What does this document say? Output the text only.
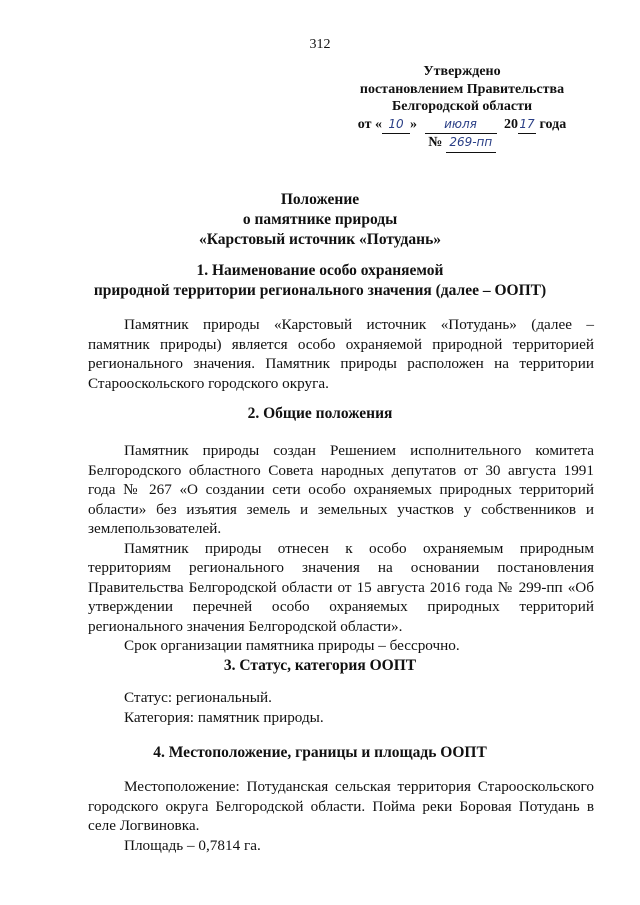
312
Утверждено
постановлением Правительства
Белгородской области
от « 10 » июля 2017 года
№ 269-пп
Положение
о памятнике природы
«Карстовый источник «Потудань»
1. Наименование особо охраняемой
природной территории регионального значения (далее – ООПТ)

Памятник природы «Карстовый источник «Потудань» (далее – памятник природы) является особо охраняемой природной территорией регионального значения. Памятник природы расположен на территории Старооскольского городского округа.

2. Общие положения

Памятник природы создан Решением исполнительного комитета Белгородского областного Совета народных депутатов от 30 августа 1991 года № 267 «О создании сети особо охраняемых природных территорий области» без изъятия земель и земельных участков у собственников и землепользователей.

Памятник природы отнесен к особо охраняемым природным территориям регионального значения на основании постановления Правительства Белгородской области от 15 августа 2016 года № 299-пп «Об утверждении перечней особо охраняемых природных территорий регионального значения Белгородской области».

Срок организации памятника природы – бессрочно.

3. Статус, категория ООПТ
Статус: региональный.
Категория: памятник природы.
4. Местоположение, границы и площадь ООПТ

Местоположение: Потуданская сельская территория Старооскольского городского округа Белгородской области. Пойма реки Боровая Потудань в селе Логвиновка.

Площадь – 0,7814 га.
